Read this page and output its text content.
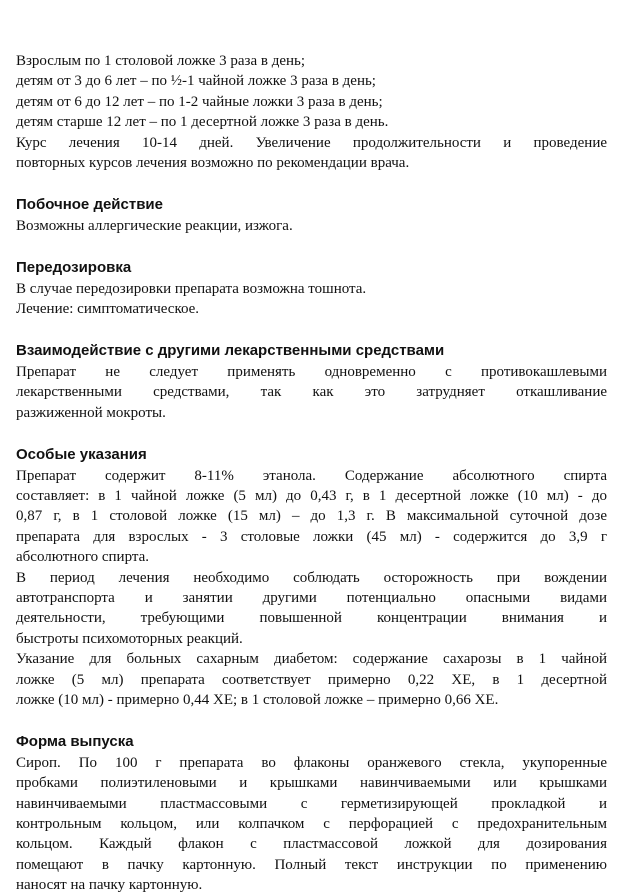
Взрослым по 1 столовой ложке 3 раза в день;
детям от 3 до 6 лет – по ½-1 чайной ложке 3 раза в день;
детям от 6 до 12 лет – по 1-2 чайные ложки 3 раза в день;
детям старше 12 лет – по 1 десертной ложке 3 раза в день.
Курс лечения 10-14 дней. Увеличение продолжительности и проведение
повторных курсов лечения возможно по рекомендации врача.

Побочное действие

Возможны аллергические реакции, изжога.

Передозировка

В случае передозировки препарата возможна тошнота.
Лечение: симптоматическое.

Взаимодействие с другими лекарственными средствами

Препарат не следует применять одновременно с противокашлевыми
лекарственными средствами, так как это затрудняет откашливание
разжиженной мокроты.

Особые указания

Препарат содержит 8-11% этанола. Содержание абсолютного спирта
составляет: в 1 чайной ложке (5 мл) до 0,43 г, в 1 десертной ложке (10 мл) - до
0,87 г, в 1 столовой ложке (15 мл) – до 1,3 г. В максимальной суточной дозе
препарата для взрослых - 3 столовые ложки (45 мл) - содержится до 3,9 г
абсолютного спирта.
В период лечения необходимо соблюдать осторожность при вождении
автотранспорта и занятии другими потенциально опасными видами
деятельности, требующими повышенной концентрации внимания и
быстроты психомоторных реакций.
Указание для больных сахарным диабетом: содержание сахарозы в 1 чайной
ложке (5 мл) препарата соответствует примерно 0,22 ХЕ, в 1 десертной
ложке (10 мл) - примерно 0,44 ХЕ; в 1 столовой ложке – примерно 0,66 ХЕ.

Форма выпуска

Сироп. По 100 г препарата во флаконы оранжевого стекла, укупоренные
пробками полиэтиленовыми и крышками навинчиваемыми или крышками
навинчиваемыми пластмассовыми с герметизирующей прокладкой и
контрольным кольцом, или колпачком с перфорацией с предохранительным
кольцом. Каждый флакон с пластмассовой ложкой для дозирования
помещают в пачку картонную. Полный текст инструкции по применению
наносят на пачку картонную.
